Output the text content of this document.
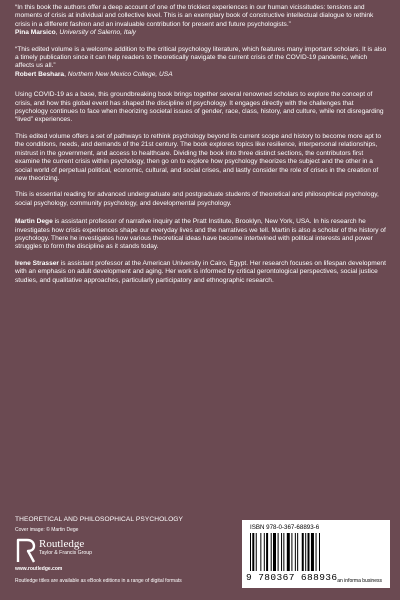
“In this book the authors offer a deep account of one of the trickiest experiences in our human vicissitudes: tensions and moments of crisis at individual and collective level. This is an exemplary book of constructive intellectual dialogue to rethink crisis in a different fashion and an invaluable contribution for present and future psychologists.”

Pina Marsico, University of Salerno, Italy

“This edited volume is a welcome addition to the critical psychology literature, which features many important scholars. It is also a timely publication since it can help readers to theoretically navigate the current crisis of the COVID-19 pandemic, which affects us all.”

Robert Beshara, Northern New Mexico College, USA

Using COVID-19 as a base, this groundbreaking book brings together several renowned scholars to explore the concept of crisis, and how this global event has shaped the discipline of psychology. It engages directly with the challenges that psychology continues to face when theorizing societal issues of gender, race, class, history, and culture, while not disregarding “lived” experiences.

This edited volume offers a set of pathways to rethink psychology beyond its current scope and history to become more apt to the conditions, needs, and demands of the 21st century. The book explores topics like resilience, interpersonal relationships, mistrust in the government, and access to healthcare. Dividing the book into three distinct sections, the contributors first examine the current crisis within psychology, then go on to explore how psychology theorizes the subject and the other in a social world of perpetual political, economic, cultural, and social crises, and lastly consider the role of crises in the creation of new theorizing.

This is essential reading for advanced undergraduate and postgraduate students of theoretical and philosophical psychology, social psychology, community psychology, and developmental psychology.

Martin Dege is assistant professor of narrative inquiry at the Pratt Institute, Brooklyn, New York, USA. In his research he investigates how crisis experiences shape our everyday lives and the narratives we tell. Martin is also a scholar of the history of psychology. There he investigates how various theoretical ideas have become intertwined with political interests and power struggles to form the discipline as it stands today.

Irene Strasser is assistant professor at the American University in Cairo, Egypt. Her research focuses on lifespan development with an emphasis on adult development and aging. Her work is informed by critical gerontological perspectives, social justice studies, and qualitative approaches, particularly participatory and ethnographic research.

THEORETICAL AND PHILOSOPHICAL PSYCHOLOGY
Cover image: © Martin Dege
Routledge
Taylor & Francis Group
www.routledge.com
Routledge titles are available as eBook editions in a range of digital formats
ISBN 978-0-367-68893-6
9 780367 688936 an informa business
